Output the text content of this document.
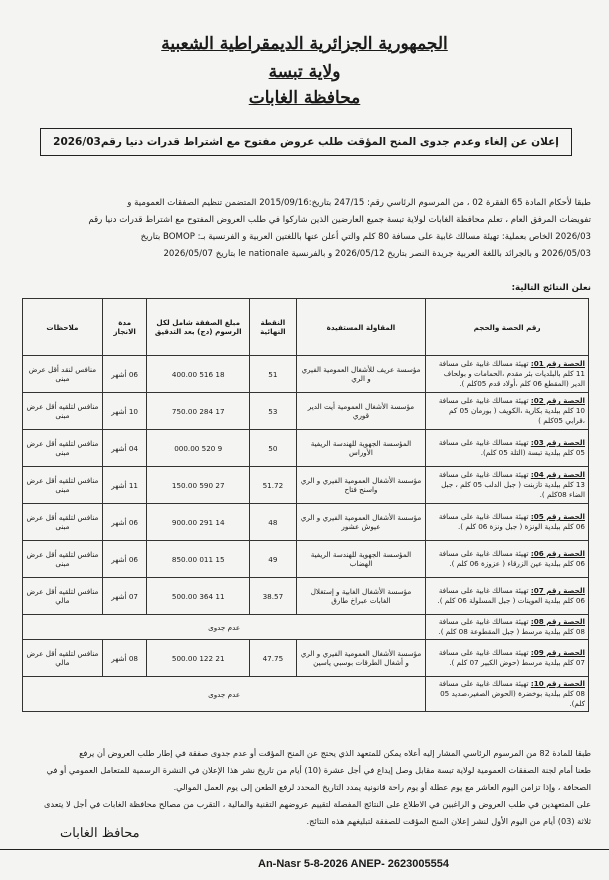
الجمهورية الجزائرية الديمقراطية الشعبية
ولاية تبسة
محافظة الغابات
إعلان عن إلغاء وعدم جدوى المنح المؤقت طلب عروض مفتوح مع اشتراط قدرات دنيا رقم2026/03

طبقا لأحكام المادة 65 الفقرة 02 ، من المرسوم الرئاسي رقم: 247/15 بتاريخ:2015/09/16 المتضمن تنظيم الصفقات العمومية و

تفويضات المرفق العام ، تعلم محافظة الغابات لولاية تبسة جميع العارضين الذين شاركوا في طلب العروض المفتوح مع اشتراط قدرات دنيا رقم

2026/03 الخاص بعملية: تهيئة مسالك غابية على مسافة 80 كلم والتي أعلن عنها باللغتين العربية و الفرنسية بـ: BOMOP بتاريخ

2026/05/03 و بالجرائد باللغة العربية جريدة النصر بتاريخ 2026/05/12 و بالفرنسية le nationale بتاريخ 2026/05/07

نعلن النتائج التالية:
رقم الحصة والحجم	المقاولة المستفيدة	النقطة النهائية	مبلغ الصفقة شامل لكل الرسوم (دج) بعد التدقيق	مدة الانجاز	ملاحظات
الحصة رقم 01: تهيئة مسالك غابية على مسافة 11 كلم بالبلديات بئر مقدم ،الحمامات و بولحاف الدير (المقطع 06 كلم ،أولاد قدم 05كلم ).	مؤسسة عريف للأشغال العمومية الفيري و الري	51	18 516 400.00	06 أشهر	منافس لنقد أقل عرض مبنى
الحصة رقم 02: تهيئة مسالك غابية على مسافة 10 كلم ببلدية بكارية ،الكويف ( بورمان 05 كم ،قرابي 05كلم )	مؤسسة الأشغال العمومية أيت الدير قوري	53	17 284 750.00	10 أشهر	منافس لتلقيه أقل عرض مبنى
الحصة رقم 03: تهيئة مسالك غابية على مسافة 05 كلم ببلدية تبسة (التلة 05 كلم).	المؤسسة الجهوية للهندسة الريفية الأوراس	50	9 520 000.00	04 أشهر	منافس لتلقيه أقل عرض مبنى
الحصة رقم 04: تهيئة مسالك غابية على مسافة 13 كلم ببلدية تازبنت ( جبل الدلب 05 كلم ، جبل الضاء 08كلم ).	مؤسسة الأشغال العمومية الفيري و الري واسنح فتاح	51.72	27 590 150.00	11 أشهر	منافس لتلقيه أقل عرض مبنى
الحصة رقم 05: تهيئة مسالك غابية على مسافة 06 كلم ببلدية الونزة ( جبل ونزة 06 كلم ).	مؤسسة الأشغال العمومية الفيري و الري عيوش عشور	48	14 291 900.00	06 أشهر	منافس لتلقيه أقل عرض مبنى
الحصة رقم 06: تهيئة مسالك غابية على مسافة 06 كلم ببلدية عين الزرقاء ( عزوزة 06 كلم ).	المؤسسة الجهوية للهندسة الريفية الهضاب	49	15 011 850.00	06 أشهر	منافس لتلقيه أقل عرض مبنى
الحصة رقم 07: تهيئة مسالك غابية على مسافة 06 كلم ببلدية العوينات ( جبل المسلولة 06 كلم ).	مؤسسة الأشغال الغابية و إستغلال الغابات عبراخ طارق	38.57	11 364 500.00	07 أشهر	منافس لتلقيه أقل عرض مالي
الحصة رقم 08: تهيئة مسالك غابية على مسافة 08 كلم ببلدية مرسط ( جبل المقطوعة 08 كلم ).	عدم جدوى				
الحصة رقم 09: تهيئة مسالك غابية على مسافة 07 كلم ببلدية مرسط (حوض الكبير 07 كلم ).	مؤسسة الأشغال العمومية الفيري و الري و أشغال الطرقات بوسبي ياسين	47.75	21 122 500.00	08 أشهر	منافس لتلقيه أقل عرض مالي
الحصة رقم 10: تهيئة مسالك غابية على مسافة 08 كلم ببلدية بوخضرة (الحوض الصغير،صديد 05 كلم).	عدم جدوى				

طبقا للمادة 82 من المرسوم الرئاسي المشار إليه أعلاه يمكن للمتعهد الذي يحتج عن المنح المؤقت أو عدم جدوى صفقة في إطار طلب العروض أن يرفع

طعنا أمام لجنة الصفقات العمومية لولاية تبسة مقابل وصل إيداع في أجل عشرة (10) أيام من تاريخ نشر هذا الإعلان في النشرة الرسمية للمتعامل العمومي أو في

الصحافة ، وإذا تزامن اليوم العاشر مع يوم عطلة أو يوم راحة قانونية يمدد التاريخ المحدد لرفع الطعن إلى يوم العمل الموالي.

على المتعهدين في طلب العروض و الراغبين في الاطلاع على النتائج المفصلة لتقييم عروضهم التقنية والمالية ، التقرب من مصالح محافظة الغابات في أجل لا يتعدى

ثلاثة (03) أيام من اليوم الأول لنشر إعلان المنح المؤقت للصفقة لتبليغهم هذه النتائج.

محافظ الغابات
An-Nasr 5-8-2026 ANEP- 2623005554
